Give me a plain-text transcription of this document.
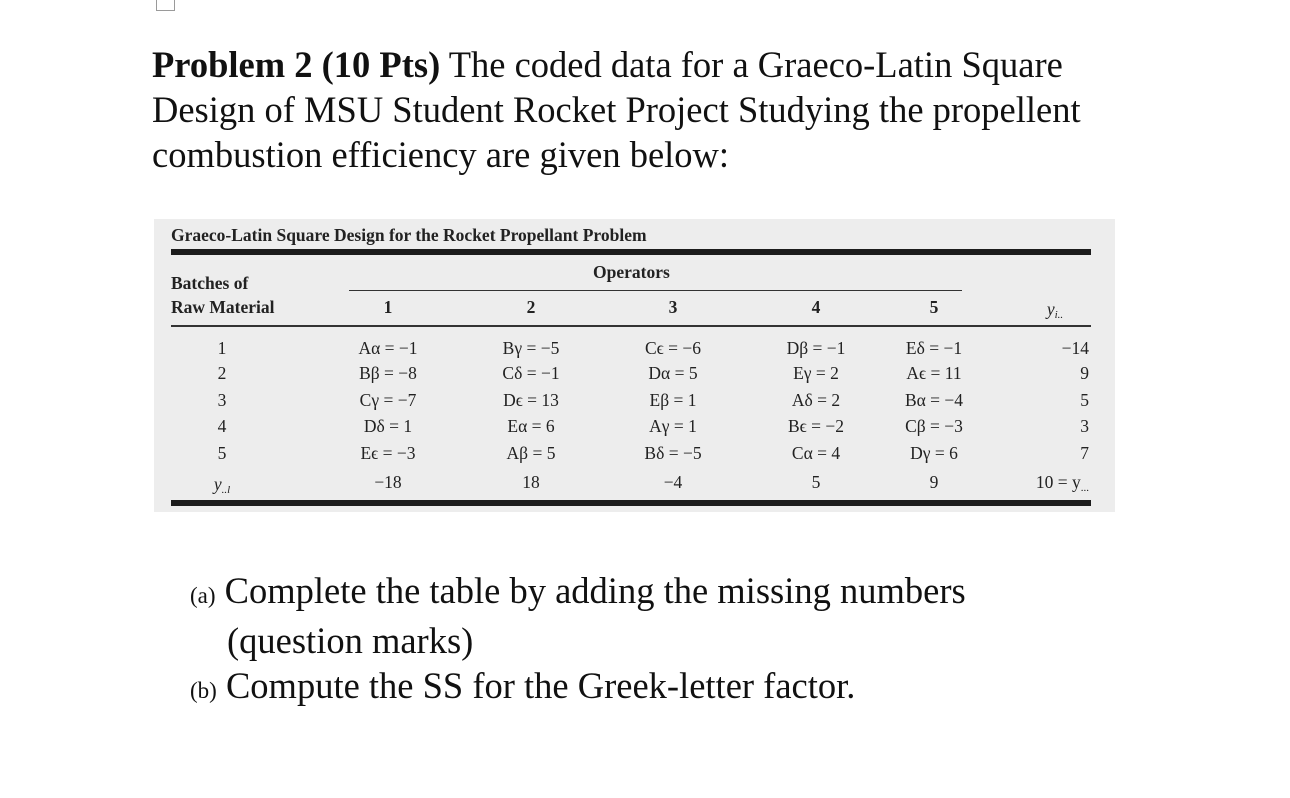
Problem 2 (10 Pts) The coded data for a Graeco-Latin Square
Design of MSU Student Rocket Project Studying the propellent
combustion efficiency are given below:
Graeco-Latin Square Design for the Rocket Propellant Problem
Batches of
Raw Material
Operators
1	2	3	4	5	$y_{i..}$
1	Aα = −1	Bγ = −5	Cϵ = −6	Dβ = −1	Eδ = −1	−14
2	Bβ = −8	Cδ = −1	Dα = 5	Eγ = 2	Aϵ = 11	9
3	Cγ = −7	Dϵ = 13	Eβ = 1	Aδ = 2	Bα = −4	5
4	Dδ = 1	Eα = 6	Aγ = 1	Bϵ = −2	Cβ = −3	3
5	Eϵ = −3	Aβ = 5	Bδ = −5	Cα = 4	Dγ = 6	7
$y_{..l}$	−18	18	−4	5	9	$10 = y_{...}$
(a) Complete the table by adding the missing numbers
(question marks)
(b) Compute the SS for the Greek-letter factor.
